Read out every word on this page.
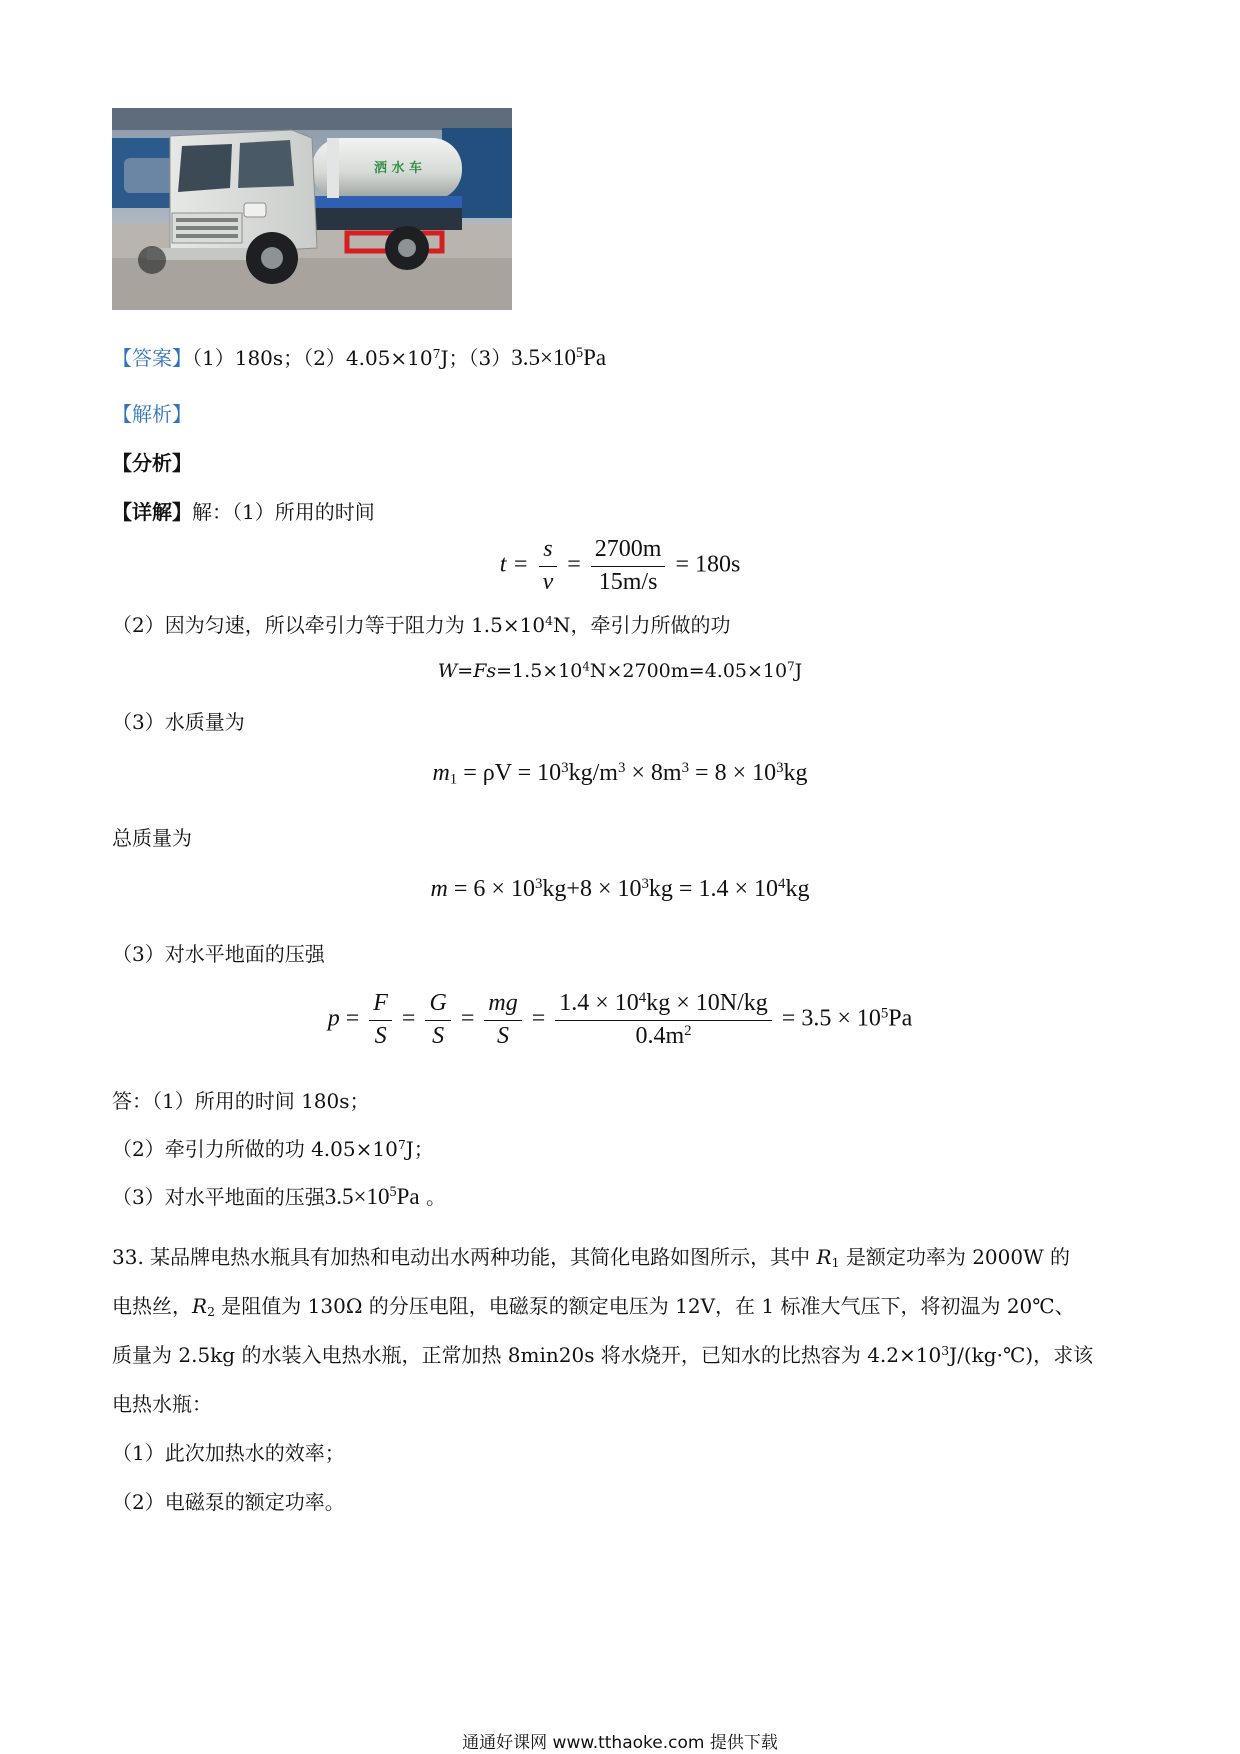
洒 水 车
【答案】（1）180s；$(2)4.05\times 10^7J$；$(3)3.5\times 10^5Pa$
【解析】
【分析】
【详解】解：（1）所用的时间
$t = \frac{s}{v} = \frac{2700m}{15m/s} = 180s$
（2）因为匀速，所以牵引力等于阻力为 $1.5\times 10^4N$，牵引力所做的功
$W=Fs=1.5\times 10^4N\times 2700m=4.05\times 10^7J$
（3）水质量为
$m_1 = \rho V = 10^3kg/m^3 \times 8m^3 = 8 \times 10^3kg$
总质量为
$m = 6 \times 10^3kg+8 \times 10^3kg = 1.4 \times 10^4kg$
（3）对水平地面的压强
$p = \frac{F}{S} = \frac{G}{S} = \frac{mg}{S} = \frac{1.4 \times 10^4kg \times 10N/kg}{0.4m^2} = 3.5 \times 10^5Pa$
答：（1）所用的时间 180s；
（2）牵引力所做的功 $4.05\times 10^7J$；
（3）对水平地面的压强$3.5\times 10^5Pa$ 。
33. 某品牌电热水瓶具有加热和电动出水两种功能，其简化电路如图所示，其中 $R_1$ 是额定功率为 2000W 的
电热丝，$R_2$ 是阻值为 130Ω 的分压电阻，电磁泵的额定电压为 12V，在 1 标准大气压下，将初温为 20℃、
质量为 2.5kg 的水装入电热水瓶，正常加热 8min20s 将水烧开，已知水的比热容为 $4.2\times 10^3J/(kg\cdot℃)$，求该
电热水瓶：
（1）此次加热水的效率；
（2）电磁泵的额定功率。
通通好课网 www.tthaoke.com 提供下载
